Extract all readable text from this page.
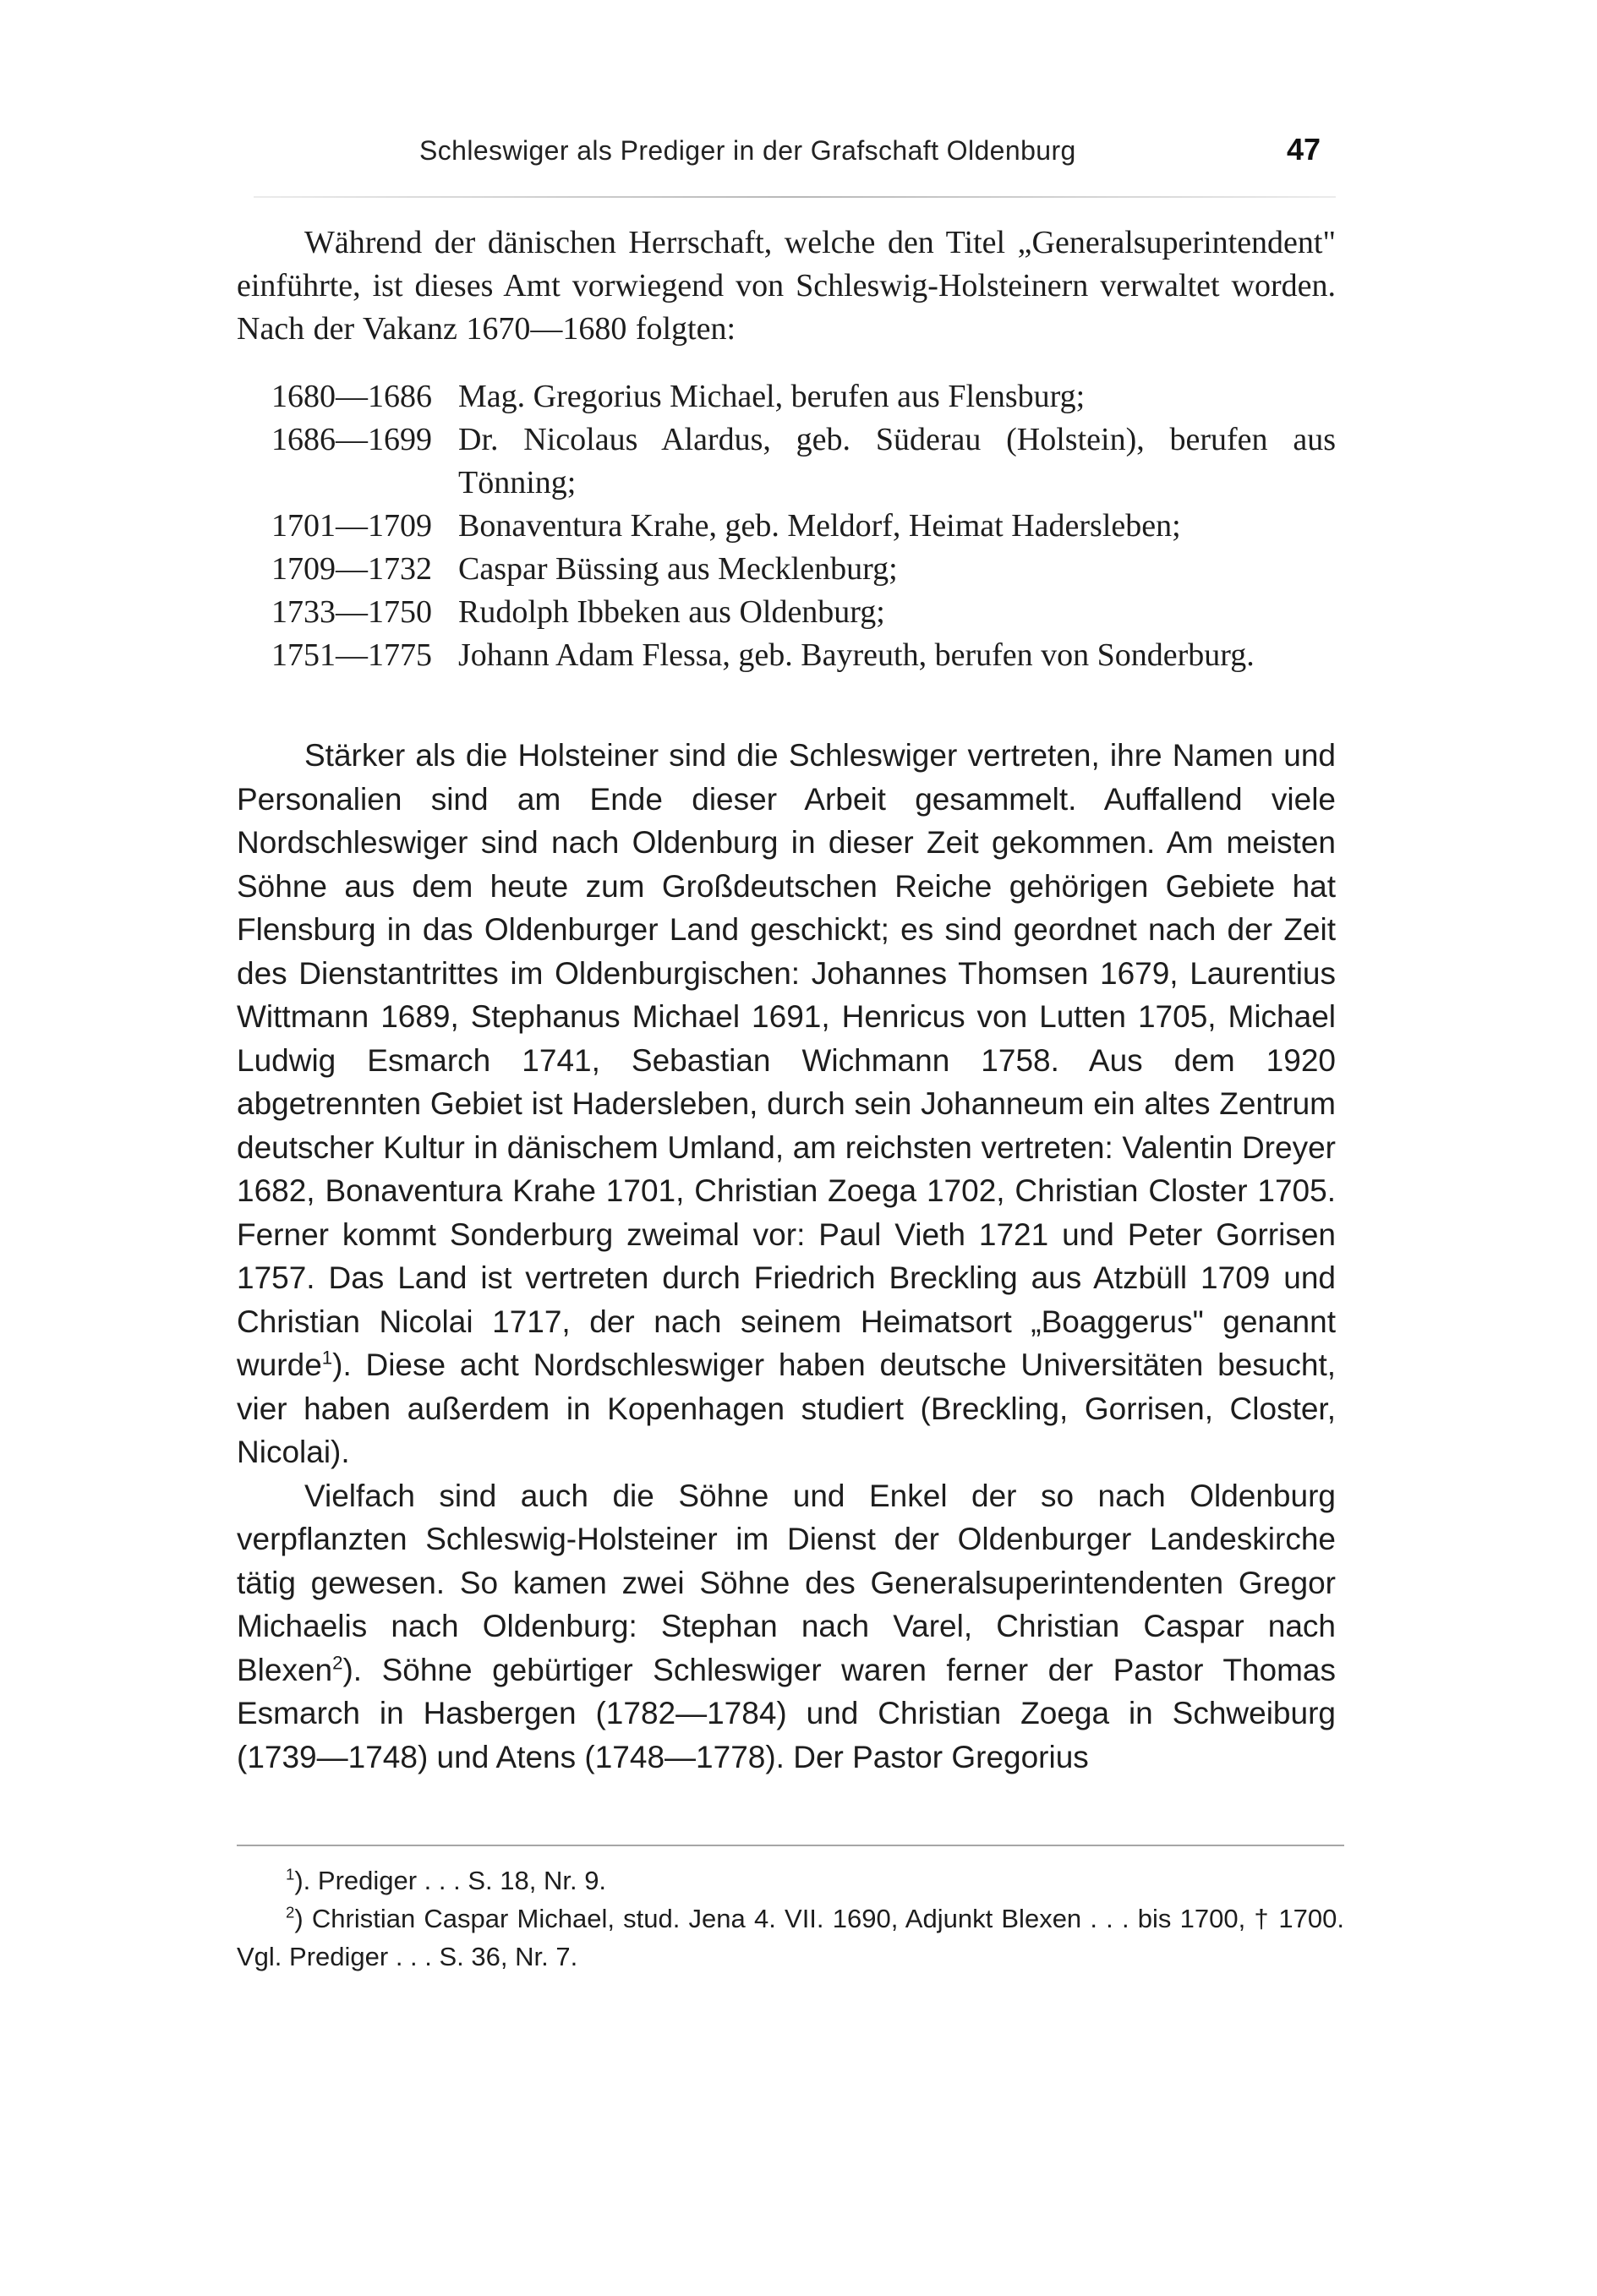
Schleswiger als Prediger in der Grafschaft Oldenburg	47

Während der dänischen Herrschaft, welche den Titel „Generalsuperintendent" einführte, ist dieses Amt vorwiegend von Schleswig-Holsteinern verwaltet worden. Nach der Vakanz 1670—1680 folgten:

1680—1686 Mag. Gregorius Michael, berufen aus Flensburg;
1686—1699 Dr. Nicolaus Alardus, geb. Süderau (Holstein), berufen aus Tönning;
1701—1709 Bonaventura Krahe, geb. Meldorf, Heimat Hadersleben;
1709—1732 Caspar Büssing aus Mecklenburg;
1733—1750 Rudolph Ibbeken aus Oldenburg;
1751—1775 Johann Adam Flessa, geb. Bayreuth, berufen von Sonderburg.

Stärker als die Holsteiner sind die Schleswiger vertreten, ihre Namen und Personalien sind am Ende dieser Arbeit gesammelt. Auffallend viele Nordschleswiger sind nach Oldenburg in dieser Zeit gekommen. Am meisten Söhne aus dem heute zum Großdeutschen Reiche gehörigen Gebiete hat Flensburg in das Oldenburger Land geschickt; es sind geordnet nach der Zeit des Dienstantrittes im Oldenburgischen: Johannes Thomsen 1679, Laurentius Wittmann 1689, Stephanus Michael 1691, Henricus von Lutten 1705, Michael Ludwig Esmarch 1741, Sebastian Wichmann 1758. Aus dem 1920 abgetrennten Gebiet ist Hadersleben, durch sein Johanneum ein altes Zentrum deutscher Kultur in dänischem Umland, am reichsten vertreten: Valentin Dreyer 1682, Bonaventura Krahe 1701, Christian Zoega 1702, Christian Closter 1705. Ferner kommt Sonderburg zweimal vor: Paul Vieth 1721 und Peter Gorrisen 1757. Das Land ist vertreten durch Friedrich Breckling aus Atzbüll 1709 und Christian Nicolai 1717, der nach seinem Heimatsort „Boaggerus" genannt wurde$^1$). Diese acht Nordschleswiger haben deutsche Universitäten besucht, vier haben außerdem in Kopenhagen studiert (Breckling, Gorrisen, Closter, Nicolai).

Vielfach sind auch die Söhne und Enkel der so nach Oldenburg verpflanzten Schleswig-Holsteiner im Dienst der Oldenburger Landeskirche tätig gewesen. So kamen zwei Söhne des Generalsuperintendenten Gregor Michaelis nach Oldenburg: Stephan nach Varel, Christian Caspar nach Blexen$^2$). Söhne gebürtiger Schleswiger waren ferner der Pastor Thomas Esmarch in Hasbergen (1782—1784) und Christian Zoega in Schweiburg (1739—1748) und Atens (1748—1778). Der Pastor Gregorius

$^1$). Prediger . . . S. 18, Nr. 9.

$^2$) Christian Caspar Michael, stud. Jena 4. VII. 1690, Adjunkt Blexen . . . bis 1700, † 1700. Vgl. Prediger . . . S. 36, Nr. 7.
